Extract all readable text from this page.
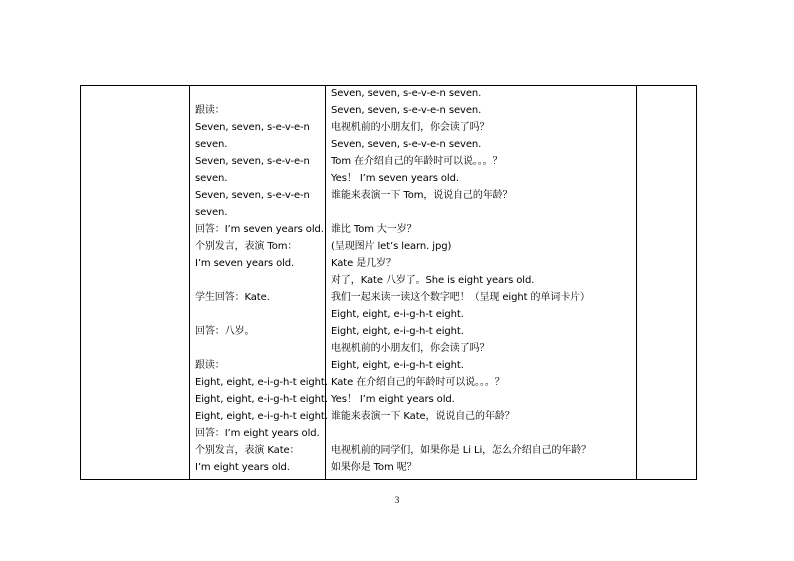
跟读：
Seven, seven, s-e-v-e-n
seven.
Seven, seven, s-e-v-e-n
seven.
Seven, seven, s-e-v-e-n
seven.
回答：I’m seven years old.
个别发言，表演 Tom：
I’m seven years old.
学生回答：Kate.
回答：八岁。
跟读：
Eight, eight, e-i-g-h-t eight.
Eight, eight, e-i-g-h-t eight.
Eight, eight, e-i-g-h-t eight.
回答：I’m eight years old.
个别发言，表演 Kate：
I’m eight years old.
Seven, seven, s-e-v-e-n seven.
Seven, seven, s-e-v-e-n seven.
电视机前的小朋友们，你会读了吗？
Seven, seven, s-e-v-e-n seven.
Tom 在介绍自己的年龄时可以说。。。？
Yes！ I’m seven years old.
谁能来表演一下 Tom，说说自己的年龄？
谁比 Tom 大一岁？
(呈现图片 let’s learn. jpg)
Kate 是几岁？
对了，Kate 八岁了。She is eight years old.
我们一起来读一读这个数字吧！（呈现 eight 的单词卡片）
Eight, eight, e-i-g-h-t eight.
Eight, eight, e-i-g-h-t eight.
电视机前的小朋友们，你会读了吗？
Eight, eight, e-i-g-h-t eight.
Kate 在介绍自己的年龄时可以说。。。？
Yes！ I’m eight years old.
谁能来表演一下 Kate，说说自己的年龄？
电视机前的同学们，如果你是 Li Li，怎么介绍自己的年龄？
如果你是 Tom 呢？
3
